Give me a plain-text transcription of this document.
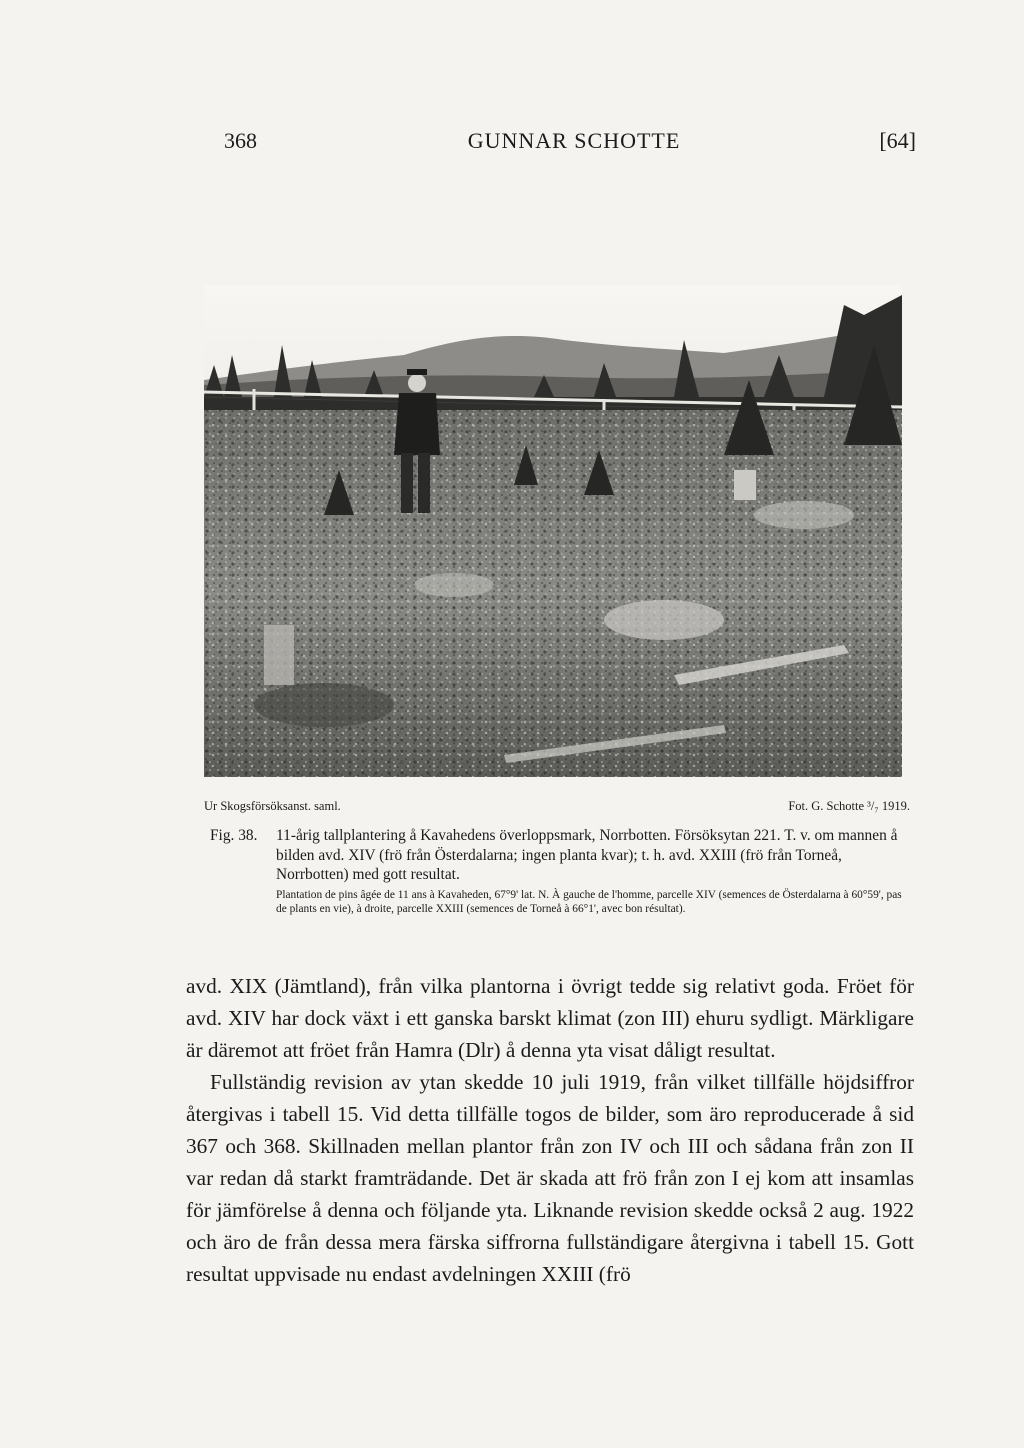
368	GUNNAR SCHOTTE	[64]
Ur Skogsförsöksanst. saml.	Fot. G. Schotte ³/₇ 1919.
Fig. 38. 11-årig tallplantering å Kavahedens överloppsmark, Norrbotten. Försöksytan 221. T. v. om mannen å bilden avd. XIV (frö från Österdalarna; ingen planta kvar); t. h. avd. XXIII (frö från Torneå, Norrbotten) med gott resultat.
Plantation de pins âgée de 11 ans à Kavaheden, 67°9' lat. N. À gauche de l'homme, parcelle XIV (semences de Österdalarna à 60°59', pas de plants en vie), à droite, parcelle XXIII (semences de Torneå à 66°1', avec bon résultat).

avd. XIX (Jämtland), från vilka plantorna i övrigt tedde sig relativt goda. Fröet för avd. XIV har dock växt i ett ganska barskt klimat (zon III) ehuru sydligt. Märkligare är däremot att fröet från Hamra (Dlr) å denna yta visat dåligt resultat.

Fullständig revision av ytan skedde 10 juli 1919, från vilket tillfälle höjdsiffror återgivas i tabell 15. Vid detta tillfälle togos de bilder, som äro reproducerade å sid 367 och 368. Skillnaden mellan plantor från zon IV och III och sådana från zon II var redan då starkt framträdande. Det är skada att frö från zon I ej kom att insamlas för jämförelse å denna och följande yta. Liknande revision skedde också 2 aug. 1922 och äro de från dessa mera färska siffrorna fullständigare återgivna i tabell 15. Gott resultat uppvisade nu endast avdelningen XXIII (frö
